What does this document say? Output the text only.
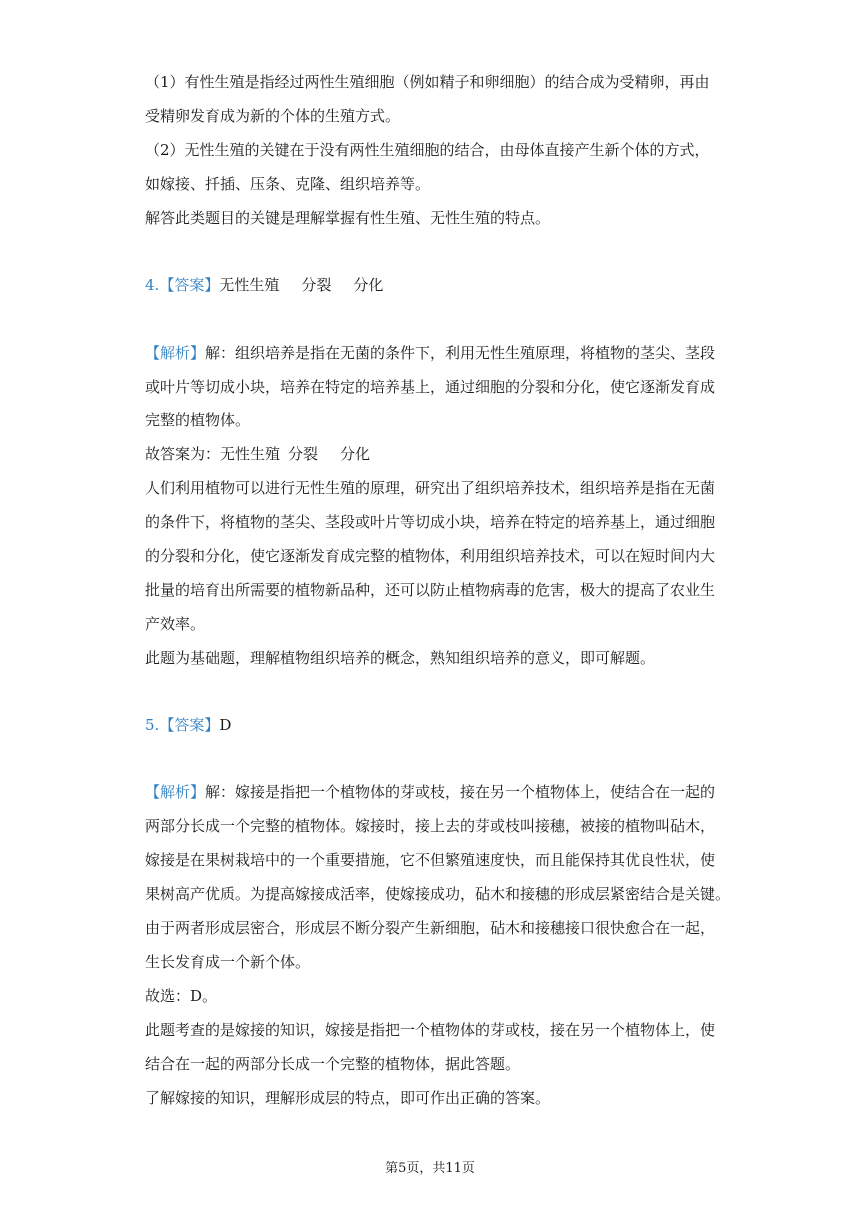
（1）有性生殖是指经过两性生殖细胞（例如精子和卵细胞）的结合成为受精卵，再由
受精卵发育成为新的个体的生殖方式。
（2）无性生殖的关键在于没有两性生殖细胞的结合，由母体直接产生新个体的方式，
如嫁接、扦插、压条、克隆、组织培养等。
解答此类题目的关键是理解掌握有性生殖、无性生殖的特点。
4.【答案】无性生殖 分裂 分化
【解析】解：组织培养是指在无菌的条件下，利用无性生殖原理，将植物的茎尖、茎段
或叶片等切成小块，培养在特定的培养基上，通过细胞的分裂和分化，使它逐渐发育成
完整的植物体。
故答案为：无性生殖 分裂 分化
人们利用植物可以进行无性生殖的原理，研究出了组织培养技术，组织培养是指在无菌
的条件下，将植物的茎尖、茎段或叶片等切成小块，培养在特定的培养基上，通过细胞
的分裂和分化，使它逐渐发育成完整的植物体，利用组织培养技术，可以在短时间内大
批量的培育出所需要的植物新品种，还可以防止植物病毒的危害，极大的提高了农业生
产效率。
此题为基础题，理解植物组织培养的概念，熟知组织培养的意义，即可解题。
5.【答案】D
【解析】解：嫁接是指把一个植物体的芽或枝，接在另一个植物体上，使结合在一起的
两部分长成一个完整的植物体。嫁接时，接上去的芽或枝叫接穗，被接的植物叫砧木，
嫁接是在果树栽培中的一个重要措施，它不但繁殖速度快，而且能保持其优良性状，使
果树高产优质。为提高嫁接成活率，使嫁接成功，砧木和接穗的形成层紧密结合是关键。
由于两者形成层密合，形成层不断分裂产生新细胞，砧木和接穗接口很快愈合在一起，
生长发育成一个新个体。
故选：D。
此题考查的是嫁接的知识，嫁接是指把一个植物体的芽或枝，接在另一个植物体上，使
结合在一起的两部分长成一个完整的植物体，据此答题。
了解嫁接的知识，理解形成层的特点，即可作出正确的答案。
第5页，共11页
